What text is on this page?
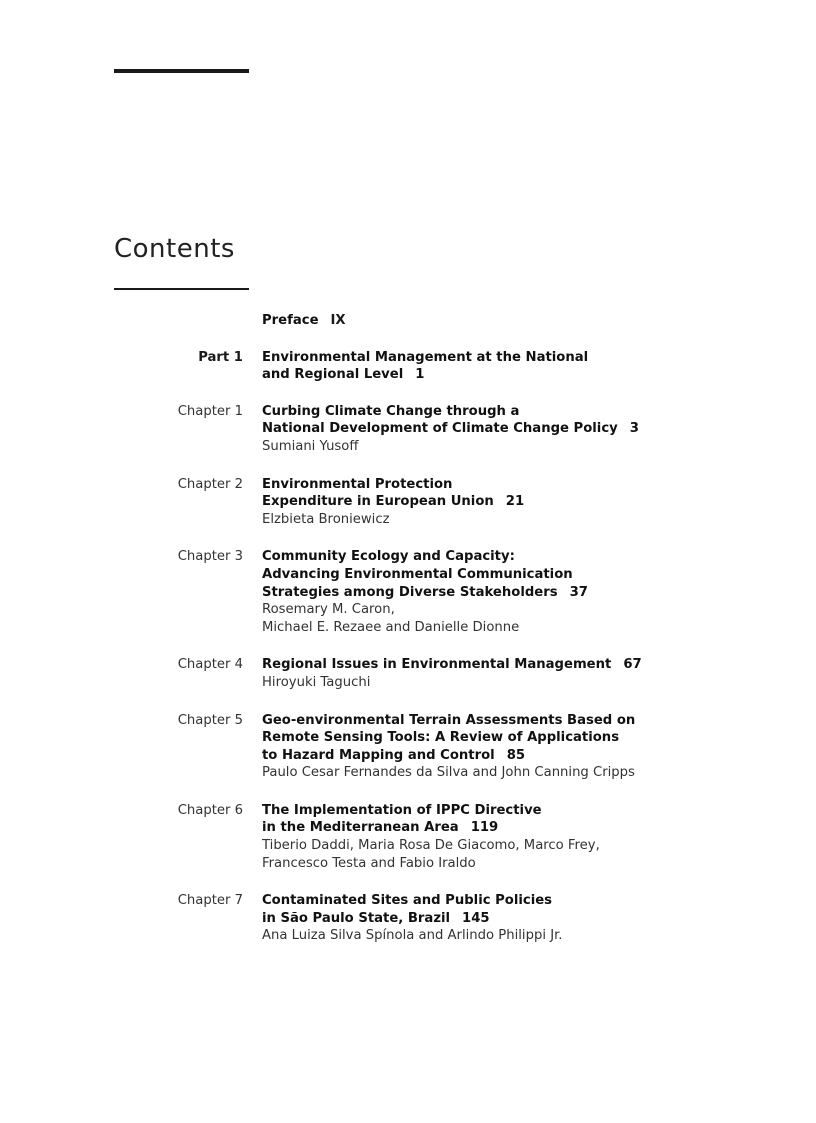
Contents
Preface IX
Part 1 Environmental Management at the National
and Regional Level 1
Chapter 1 Curbing Climate Change through a
National Development of Climate Change Policy 3
Sumiani Yusoff
Chapter 2 Environmental Protection
Expenditure in European Union 21
Elzbieta Broniewicz
Chapter 3 Community Ecology and Capacity:
Advancing Environmental Communication
Strategies among Diverse Stakeholders 37
Rosemary M. Caron,
Michael E. Rezaee and Danielle Dionne
Chapter 4 Regional Issues in Environmental Management 67
Hiroyuki Taguchi
Chapter 5 Geo-environmental Terrain Assessments Based on
Remote Sensing Tools: A Review of Applications
to Hazard Mapping and Control 85
Paulo Cesar Fernandes da Silva and John Canning Cripps
Chapter 6 The Implementation of IPPC Directive
in the Mediterranean Area 119
Tiberio Daddi, Maria Rosa De Giacomo, Marco Frey,
Francesco Testa and Fabio Iraldo
Chapter 7 Contaminated Sites and Public Policies
in São Paulo State, Brazil 145
Ana Luiza Silva Spínola and Arlindo Philippi Jr.
